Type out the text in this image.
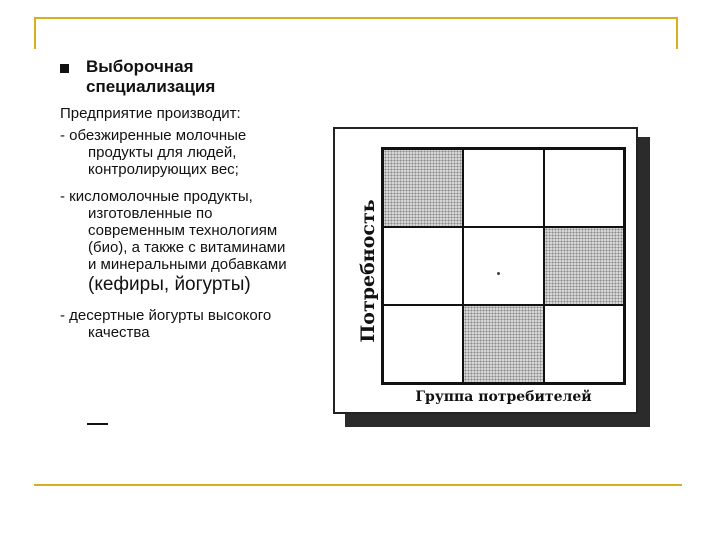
Выборочная специализация

Предприятие производит:

- обезжиренные молочные
продукты для людей,
контролирующих вес;
- кисломолочные продукты,
изготовленные по
современным технологиям
(био), а также с витаминами
и минеральными добавками
(кефиры, йогурты)
- десертные йогурты высокого
качества	Потребность
Группа потребителей
